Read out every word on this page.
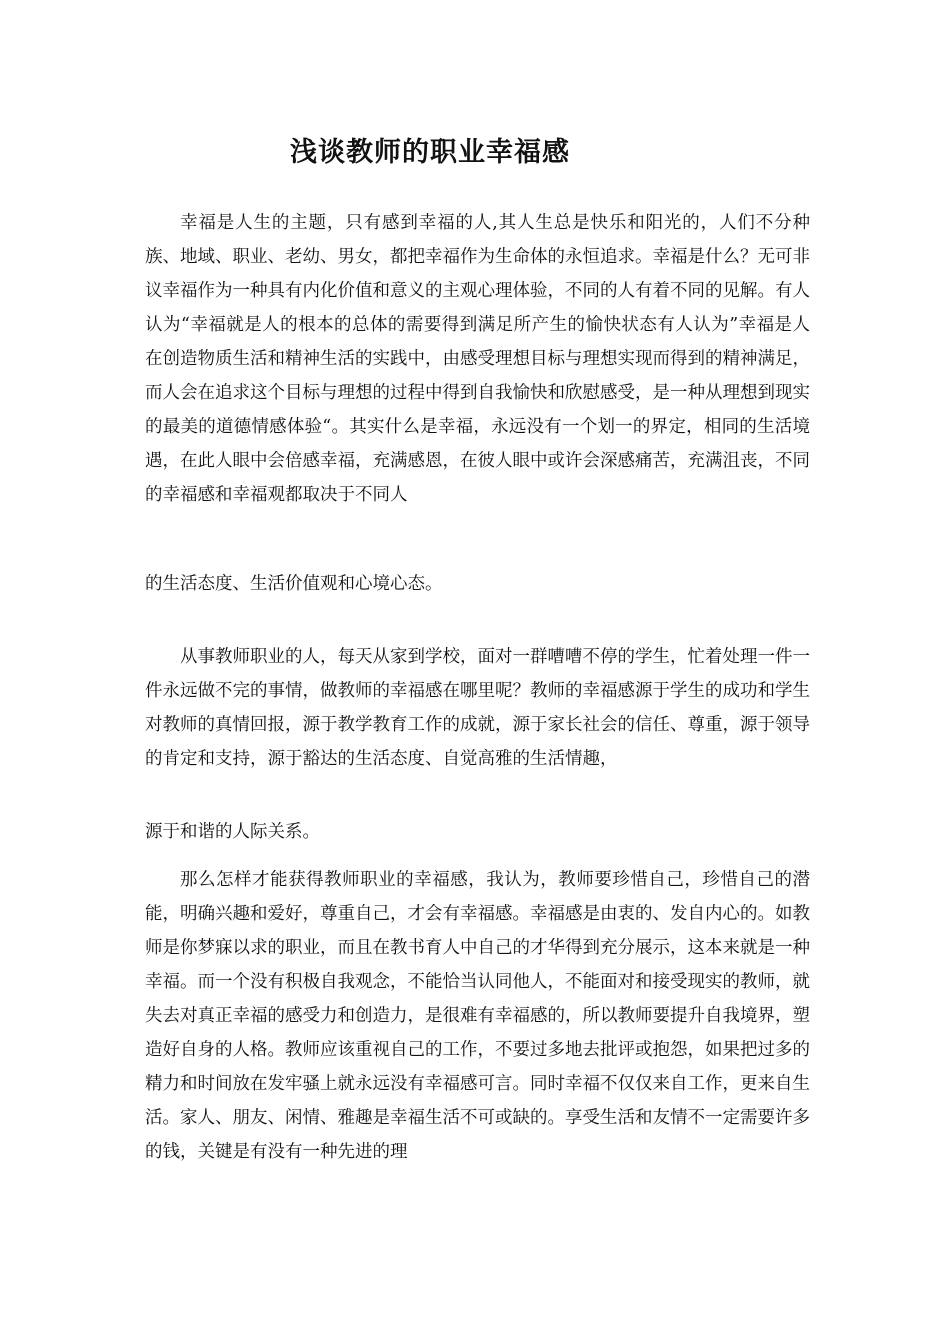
浅谈教师的职业幸福感

幸福是人生的主题，只有感到幸福的人,其人生总是快乐和阳光的，人们不分种族、地域、职业、老幼、男女，都把幸福作为生命体的永恒追求。幸福是什么？无可非议幸福作为一种具有内化价值和意义的主观心理体验，不同的人有着不同的见解。有人认为“幸福就是人的根本的总体的需要得到满足所产生的愉快状态有人认为”幸福是人在创造物质生活和精神生活的实践中，由感受理想目标与理想实现而得到的精神满足，而人会在追求这个目标与理想的过程中得到自我愉快和欣慰感受，是一种从理想到现实的最美的道德情感体验“。其实什么是幸福，永远没有一个划一的界定，相同的生活境遇，在此人眼中会倍感幸福，充满感恩，在彼人眼中或许会深感痛苦，充满沮丧，不同的幸福感和幸福观都取决于不同人

的生活态度、生活价值观和心境心态。

从事教师职业的人，每天从家到学校，面对一群嘈嘈不停的学生，忙着处理一件一件永远做不完的事情，做教师的幸福感在哪里呢？教师的幸福感源于学生的成功和学生对教师的真情回报，源于教学教育工作的成就，源于家长社会的信任、尊重，源于领导的肯定和支持，源于豁达的生活态度、自觉高雅的生活情趣，

源于和谐的人际关系。

那么怎样才能获得教师职业的幸福感，我认为，教师要珍惜自己，珍惜自己的潜能，明确兴趣和爱好，尊重自己，才会有幸福感。幸福感是由衷的、发自内心的。如教师是你梦寐以求的职业，而且在教书育人中自己的才华得到充分展示，这本来就是一种幸福。而一个没有积极自我观念，不能恰当认同他人，不能面对和接受现实的教师，就失去对真正幸福的感受力和创造力，是很难有幸福感的，所以教师要提升自我境界，塑造好自身的人格。教师应该重视自己的工作，不要过多地去批评或抱怨，如果把过多的精力和时间放在发牢骚上就永远没有幸福感可言。同时幸福不仅仅来自工作，更来自生活。家人、朋友、闲情、雅趣是幸福生活不可或缺的。享受生活和友情不一定需要许多的钱，关键是有没有一种先进的理
